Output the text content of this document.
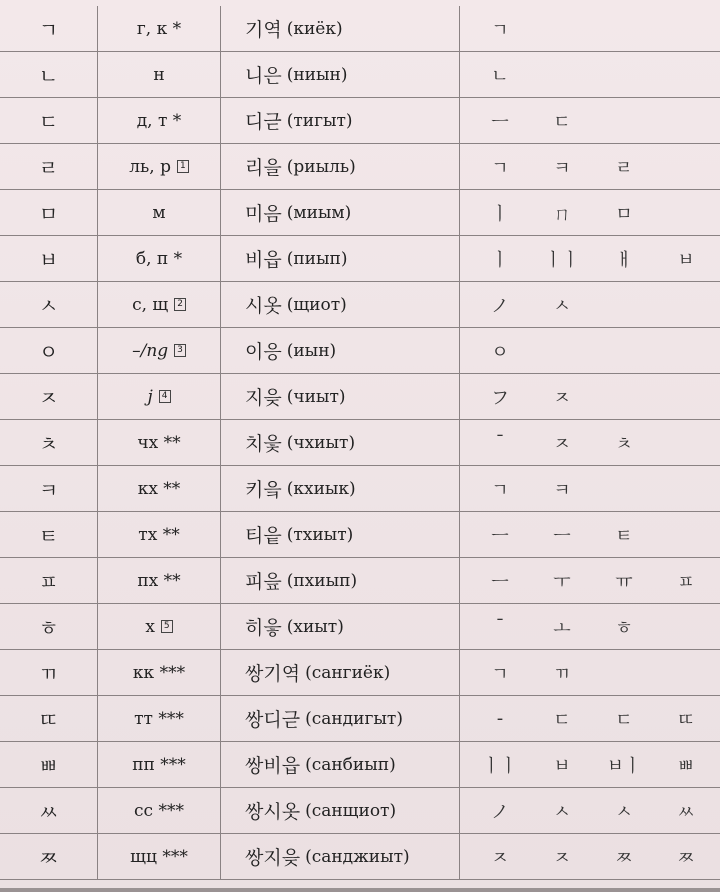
ㄱ	г, к *	기역 (киёк)	ㄱ
ㄴ	н	니은 (ниын)	ㄴ
ㄷ	д, т *	디귿 (тигыт)	ㅡ	ㄷ
ㄹ	ль, р	1	리을 (риыль)	ㄱ	ㅋ	ㄹ
ㅁ	м	미음 (миым)	ㅣ	ㄇ	ㅁ
ㅂ	б, п *	비읍 (пиып)	ㅣ	ㅣㅣ	ㅐ	ㅂ
ㅅ	с, щ	2	시옷 (щиот)	ノ	ㅅ
ㅇ	–/ng	3	이응 (иын)	ㅇ
ㅈ	j	4	지읒 (чиыт)	フ	ㅈ
ㅊ	чх **	치읓 (чхиыт)	ˉ	ㅈ	ㅊ
ㅋ	кх **	키읔 (кхиык)	ㄱ	ㅋ
ㅌ	тх **	티읕 (тхиыт)	ㅡ	ㅡ	ㅌ
ㅍ	пх **	피읖 (пхиып)	ㅡ	ㅜ	ㅠ	ㅍ
ㅎ	х	5	히읗 (хиыт)	ˉ	ㅗ	ㅎ
ㄲ	кк ***	쌍기역 (сангиёк)	ㄱ	ㄲ
ㄸ	тт ***	쌍디귿 (сандигыт)	-	ㄷ	ㄷ	ㄸ
ㅃ	пп ***	쌍비읍 (санбиып)	ㅣㅣ	ㅂ	ㅂㅣ	ㅃ
ㅆ	сс ***	쌍시옷 (санщиот)	ノ	ㅅ	ㅅ	ㅆ
ㅉ	щц ***	쌍지읒 (санджиыт)	ㅈ	ㅈ	ㅉ	ㅉ
